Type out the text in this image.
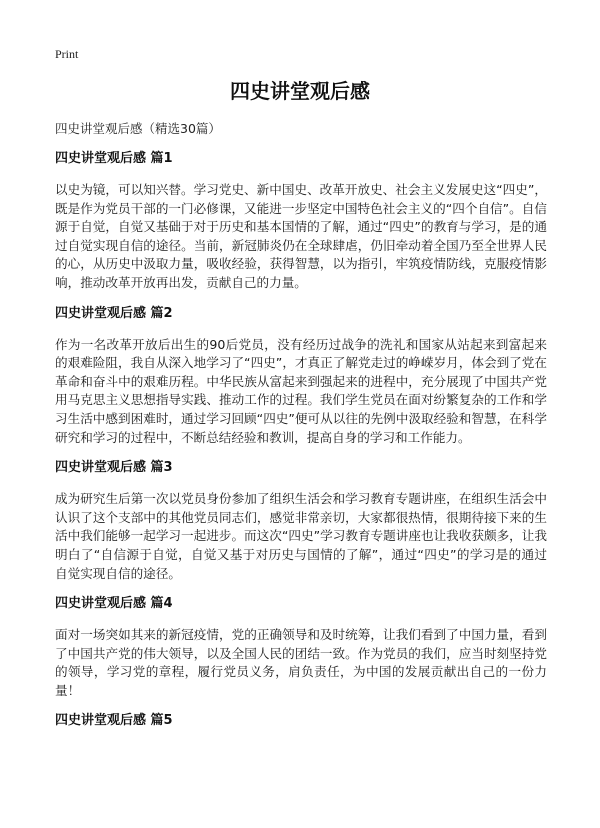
Print
四史讲堂观后感

四史讲堂观后感（精选30篇）

四史讲堂观后感 篇1

以史为镜，可以知兴替。学习党史、新中国史、改革开放史、社会主义发展史这“四史”，既是作为党员干部的一门必修课，又能进一步坚定中国特色社会主义的“四个自信”。自信源于自觉，自觉又基础于对于历史和基本国情的了解，通过“四史”的教育与学习，是的通过自觉实现自信的途径。当前，新冠肺炎仍在全球肆虐，仍旧牵动着全国乃至全世界人民的心，从历史中汲取力量，吸收经验，获得智慧，以为指引，牢筑疫情防线，克服疫情影响，推动改革开放再出发，贡献自己的力量。

四史讲堂观后感 篇2

作为一名改革开放后出生的90后党员，没有经历过战争的洗礼和国家从站起来到富起来的艰难险阻，我自从深入地学习了“四史”，才真正了解党走过的峥嵘岁月，体会到了党在革命和奋斗中的艰难历程。中华民族从富起来到强起来的进程中，充分展现了中国共产党用马克思主义思想指导实践、推动工作的过程。我们学生党员在面对纷繁复杂的工作和学习生活中感到困难时，通过学习回顾“四史”便可从以往的先例中汲取经验和智慧，在科学研究和学习的过程中，不断总结经验和教训，提高自身的学习和工作能力。

四史讲堂观后感 篇3

成为研究生后第一次以党员身份参加了组织生活会和学习教育专题讲座，在组织生活会中认识了这个支部中的其他党员同志们，感觉非常亲切，大家都很热情，很期待接下来的生活中我们能够一起学习一起进步。而这次“四史”学习教育专题讲座也让我收获颇多，让我明白了“自信源于自觉，自觉又基于对历史与国情的了解”，通过“四史”的学习是的通过自觉实现自信的途径。

四史讲堂观后感 篇4

面对一场突如其来的新冠疫情，党的正确领导和及时统筹，让我们看到了中国力量，看到了中国共产党的伟大领导，以及全国人民的团结一致。作为党员的我们，应当时刻坚持党的领导，学习党的章程，履行党员义务，肩负责任，为中国的发展贡献出自己的一份力量！

四史讲堂观后感 篇5
